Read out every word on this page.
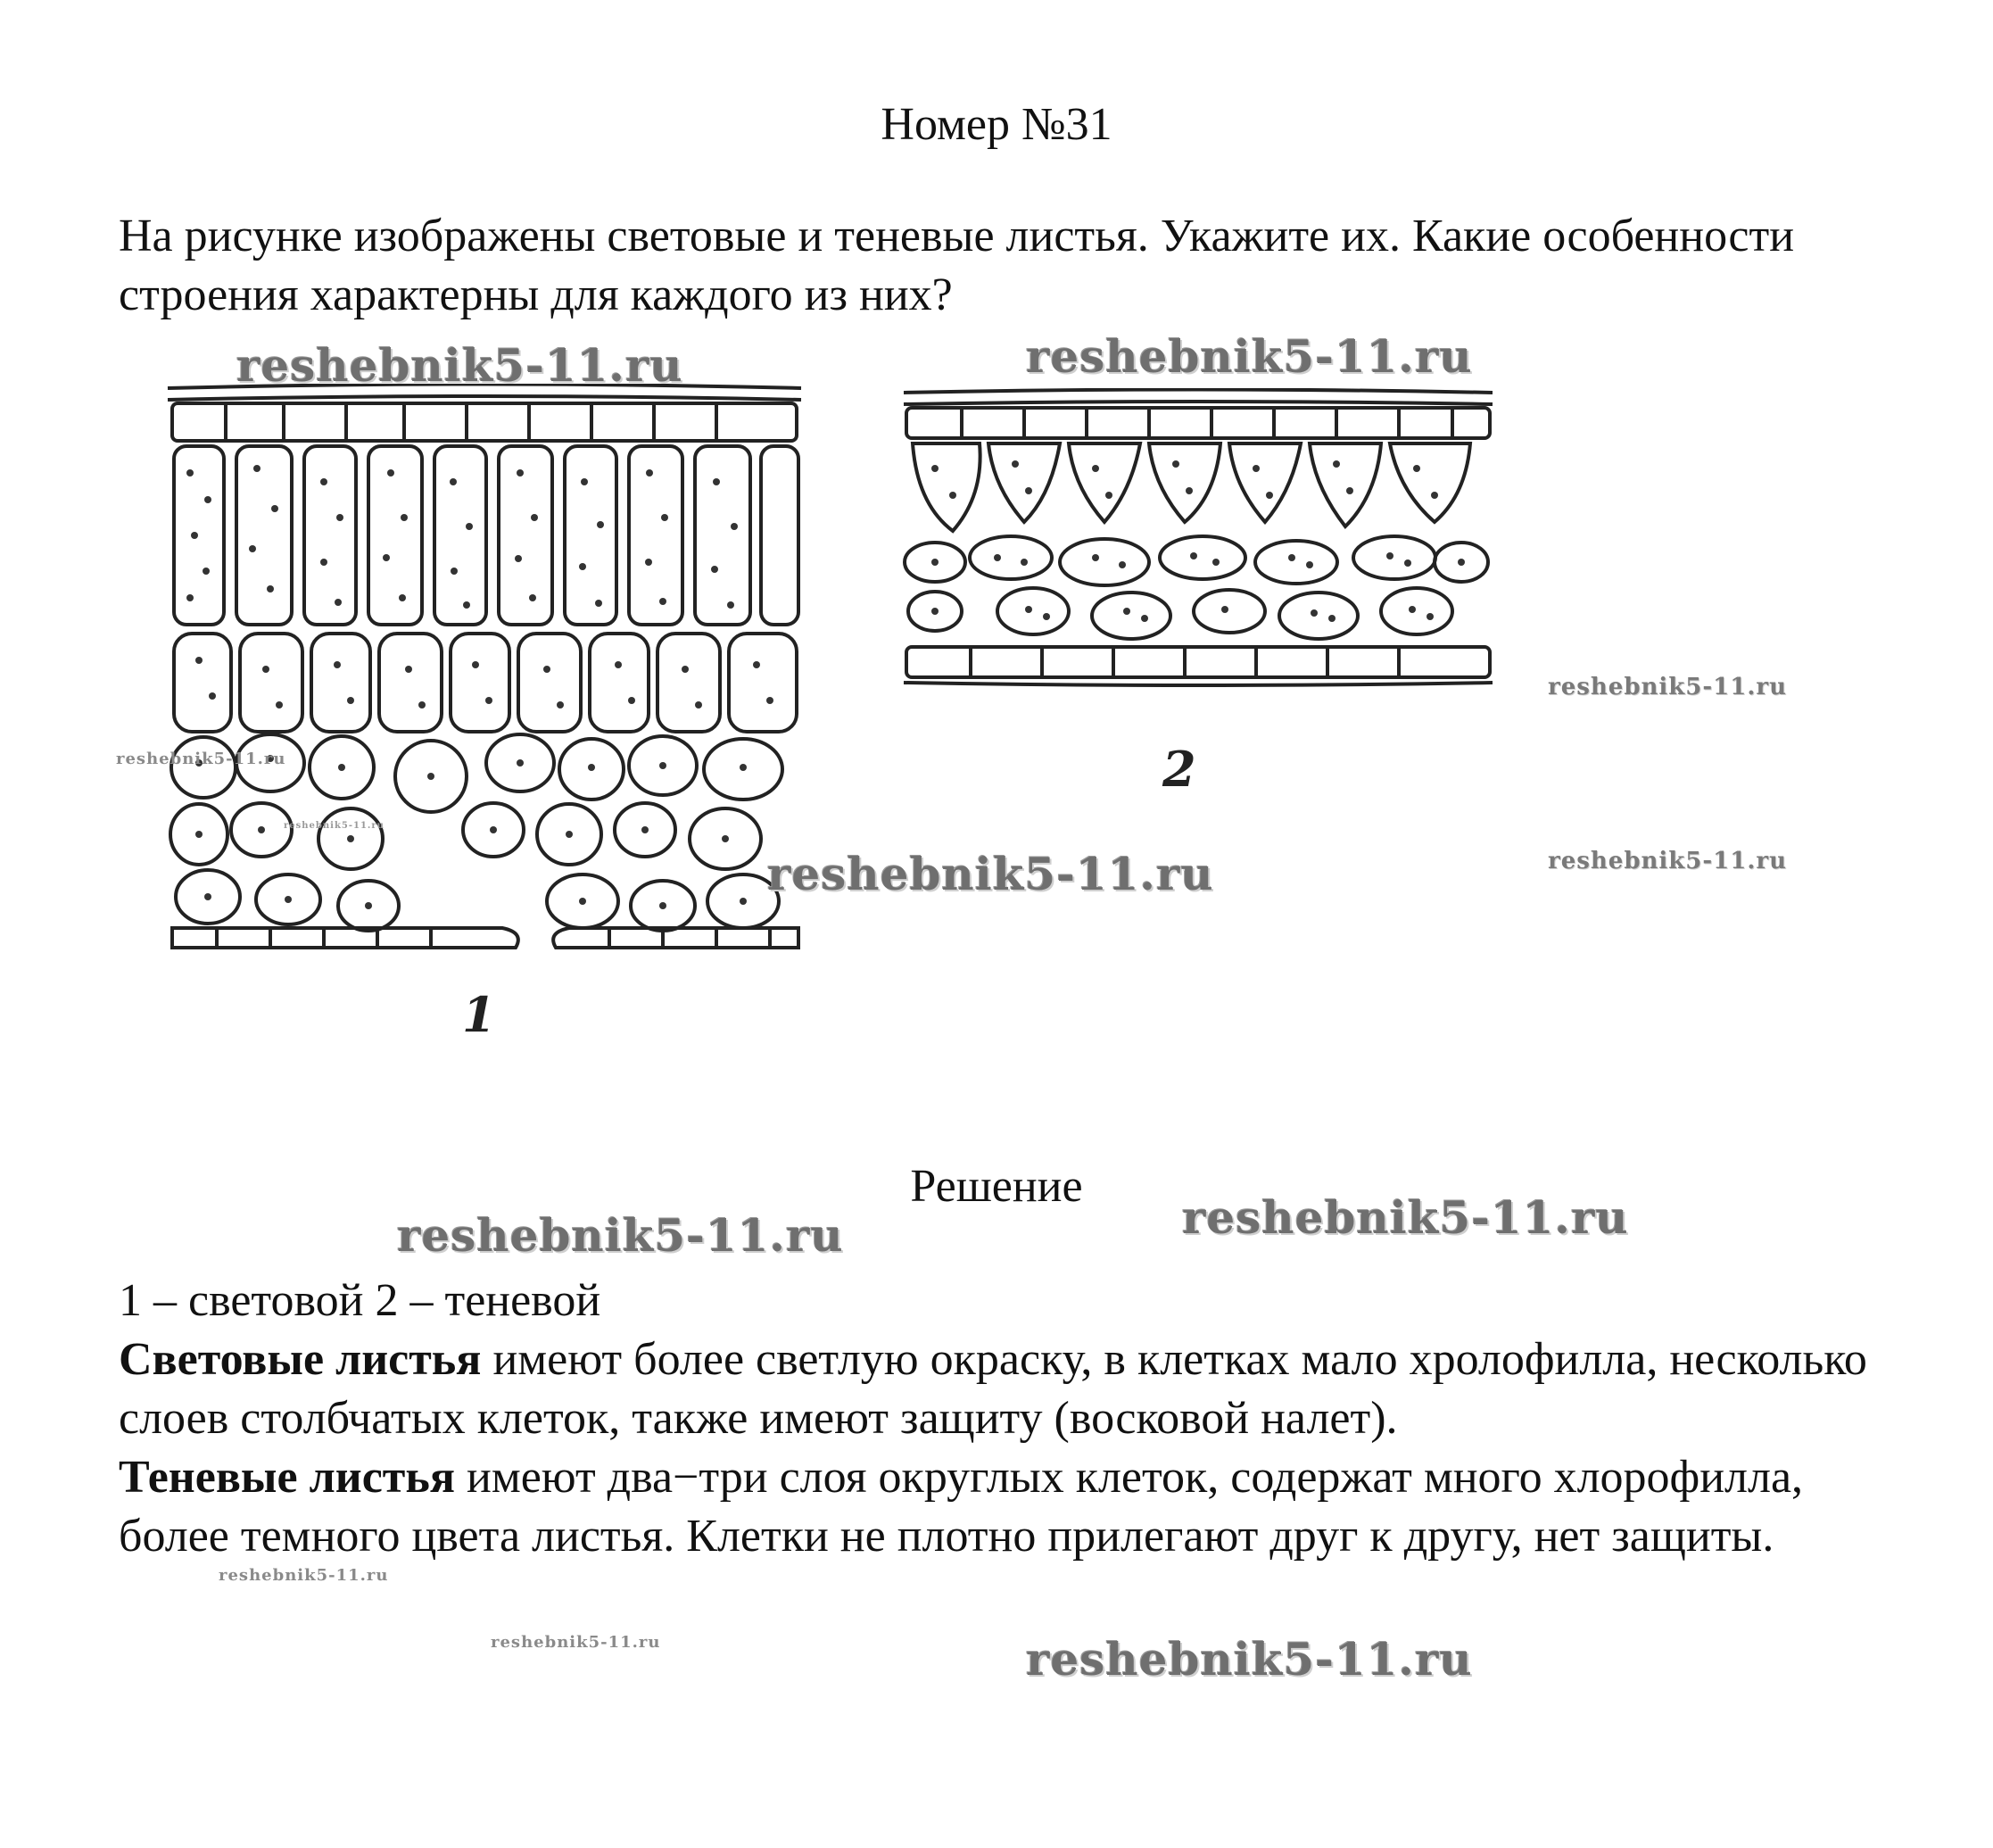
Номер №31
На рисунке изображены световые и теневые листья. Укажите их. Какие особенности строения характерны для каждого из них?
1
2
reshebnik5-11.ru	reshebnik5-11.ru
reshebnik5-11.ru
reshebnik5-11.ru
reshebnik5-11.ru
reshebnik5-11.ru	reshebnik5-11.ru
reshebnik5-11.ru	reshebnik5-11.ru
reshebnik5-11.ru
reshebnik5-11.ru	reshebnik5-11.ru
Решение

1 – световой 2 – теневой

Световые листья имеют более светлую окраску, в клетках мало хролофилла, несколько слоев столбчатых клеток, также имеют защиту (восковой налет).

Теневые листья имеют два−три слоя округлых клеток, содержат много хлорофилла, более темного цвета листья. Клетки не плотно прилегают друг к другу, нет защиты.
